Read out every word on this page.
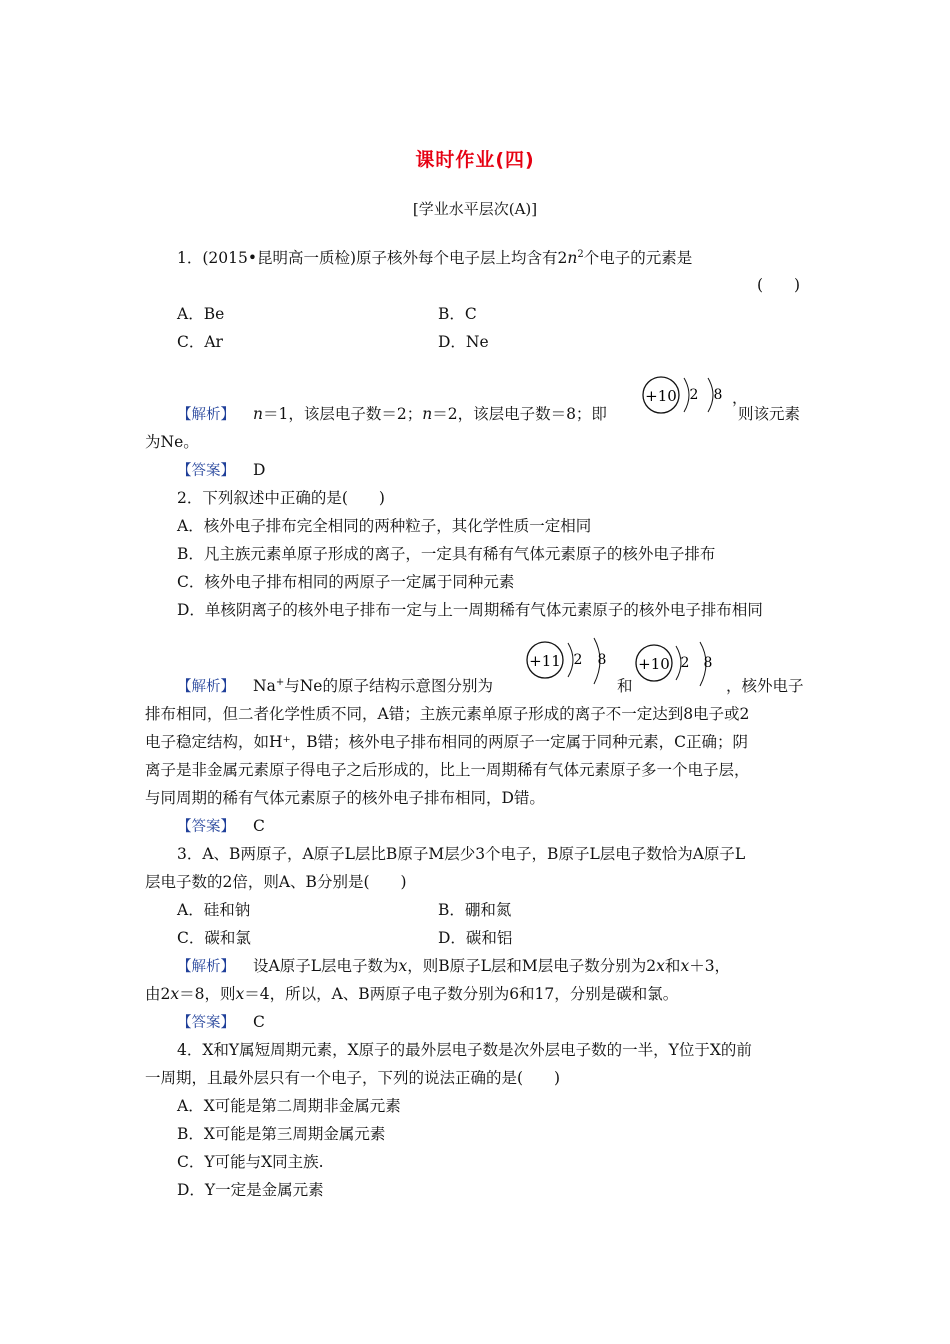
课时作业(四)
[学业水平层次(A)]
1．(2015•昆明高一质检)原子核外每个电子层上均含有$2n^2$个电子的元素是
(　　)
A．Be	B．C
C．Ar	D．Ne
【解析】 n＝1，该层电子数＝2；n＝2，该层电子数＝8；即
+10 2 8 ，
则该元素
为Ne。
【答案】 D
2．下列叙述中正确的是(　　)
A．核外电子排布完全相同的两种粒子，其化学性质一定相同
B．凡主族元素单原子形成的离子，一定具有稀有气体元素原子的核外电子排布
C．核外电子排布相同的两原子一定属于同种元素
D．单核阴离子的核外电子排布一定与上一周期稀有气体元素原子的核外电子排布相同
【解析】 Na+与Ne的原子结构示意图分别为
+11 2 8
和
+10 2 8
，核外电子
排布相同，但二者化学性质不同，A错；主族元素单原子形成的离子不一定达到8电子或2
电子稳定结构，如H⁺，B错；核外电子排布相同的两原子一定属于同种元素，C正确；阴
离子是非金属元素原子得电子之后形成的，比上一周期稀有气体元素原子多一个电子层，
与同周期的稀有气体元素原子的核外电子排布相同，D错。
【答案】 C
3．A、B两原子，A原子L层比B原子M层少3个电子，B原子L层电子数恰为A原子L
层电子数的2倍，则A、B分别是(　　)
A．硅和钠	B．硼和氮
C．碳和氯	D．碳和铝
【解析】 设A原子L层电子数为x，则B原子L层和M层电子数分别为2x和x＋3，
由2x＝8，则x＝4，所以，A、B两原子电子数分别为6和17，分别是碳和氯。
【答案】 C
4．X和Y属短周期元素，X原子的最外层电子数是次外层电子数的一半，Y位于X的前
一周期，且最外层只有一个电子，下列的说法正确的是(　　)
A．X可能是第二周期非金属元素
B．X可能是第三周期金属元素
C．Y可能与X同主族.
D．Y一定是金属元素
